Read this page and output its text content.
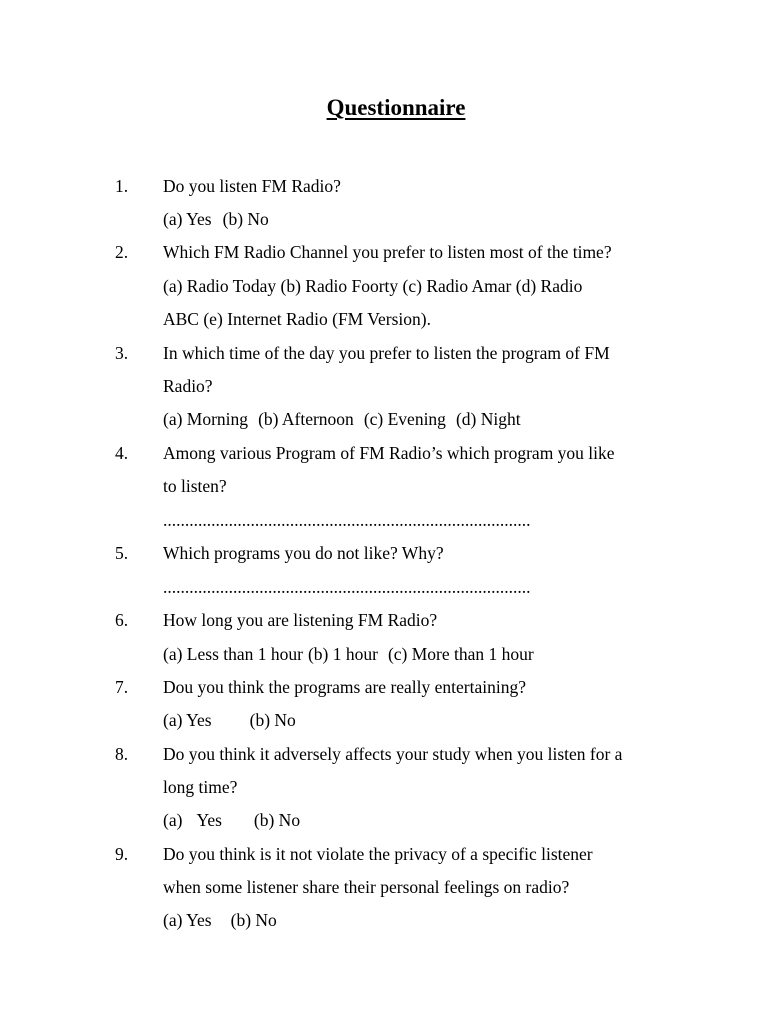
Questionnaire
1. Do you listen FM Radio?
(a) Yes (b) No
2. Which FM Radio Channel you prefer to listen most of the time?
(a) Radio Today (b) Radio Foorty (c) Radio Amar (d) Radio
ABC (e) Internet Radio (FM Version).
3. In which time of the day you prefer to listen the program of FM
Radio?
(a) Morning (b) Afternoon (c) Evening (d) Night
4. Among various Program of FM Radio’s which program you like
to listen?
....................................................................................
5. Which programs you do not like? Why?
....................................................................................
6. How long you are listening FM Radio?
(a) Less than 1 hour (b) 1 hour (c) More than 1 hour
7. Dou you think the programs are really entertaining?
(a) Yes (b) No
8. Do you think it adversely affects your study when you listen for a
long time?
(a) Yes (b) No
9. Do you think is it not violate the privacy of a specific listener
when some listener share their personal feelings on radio?
(a) Yes (b) No
